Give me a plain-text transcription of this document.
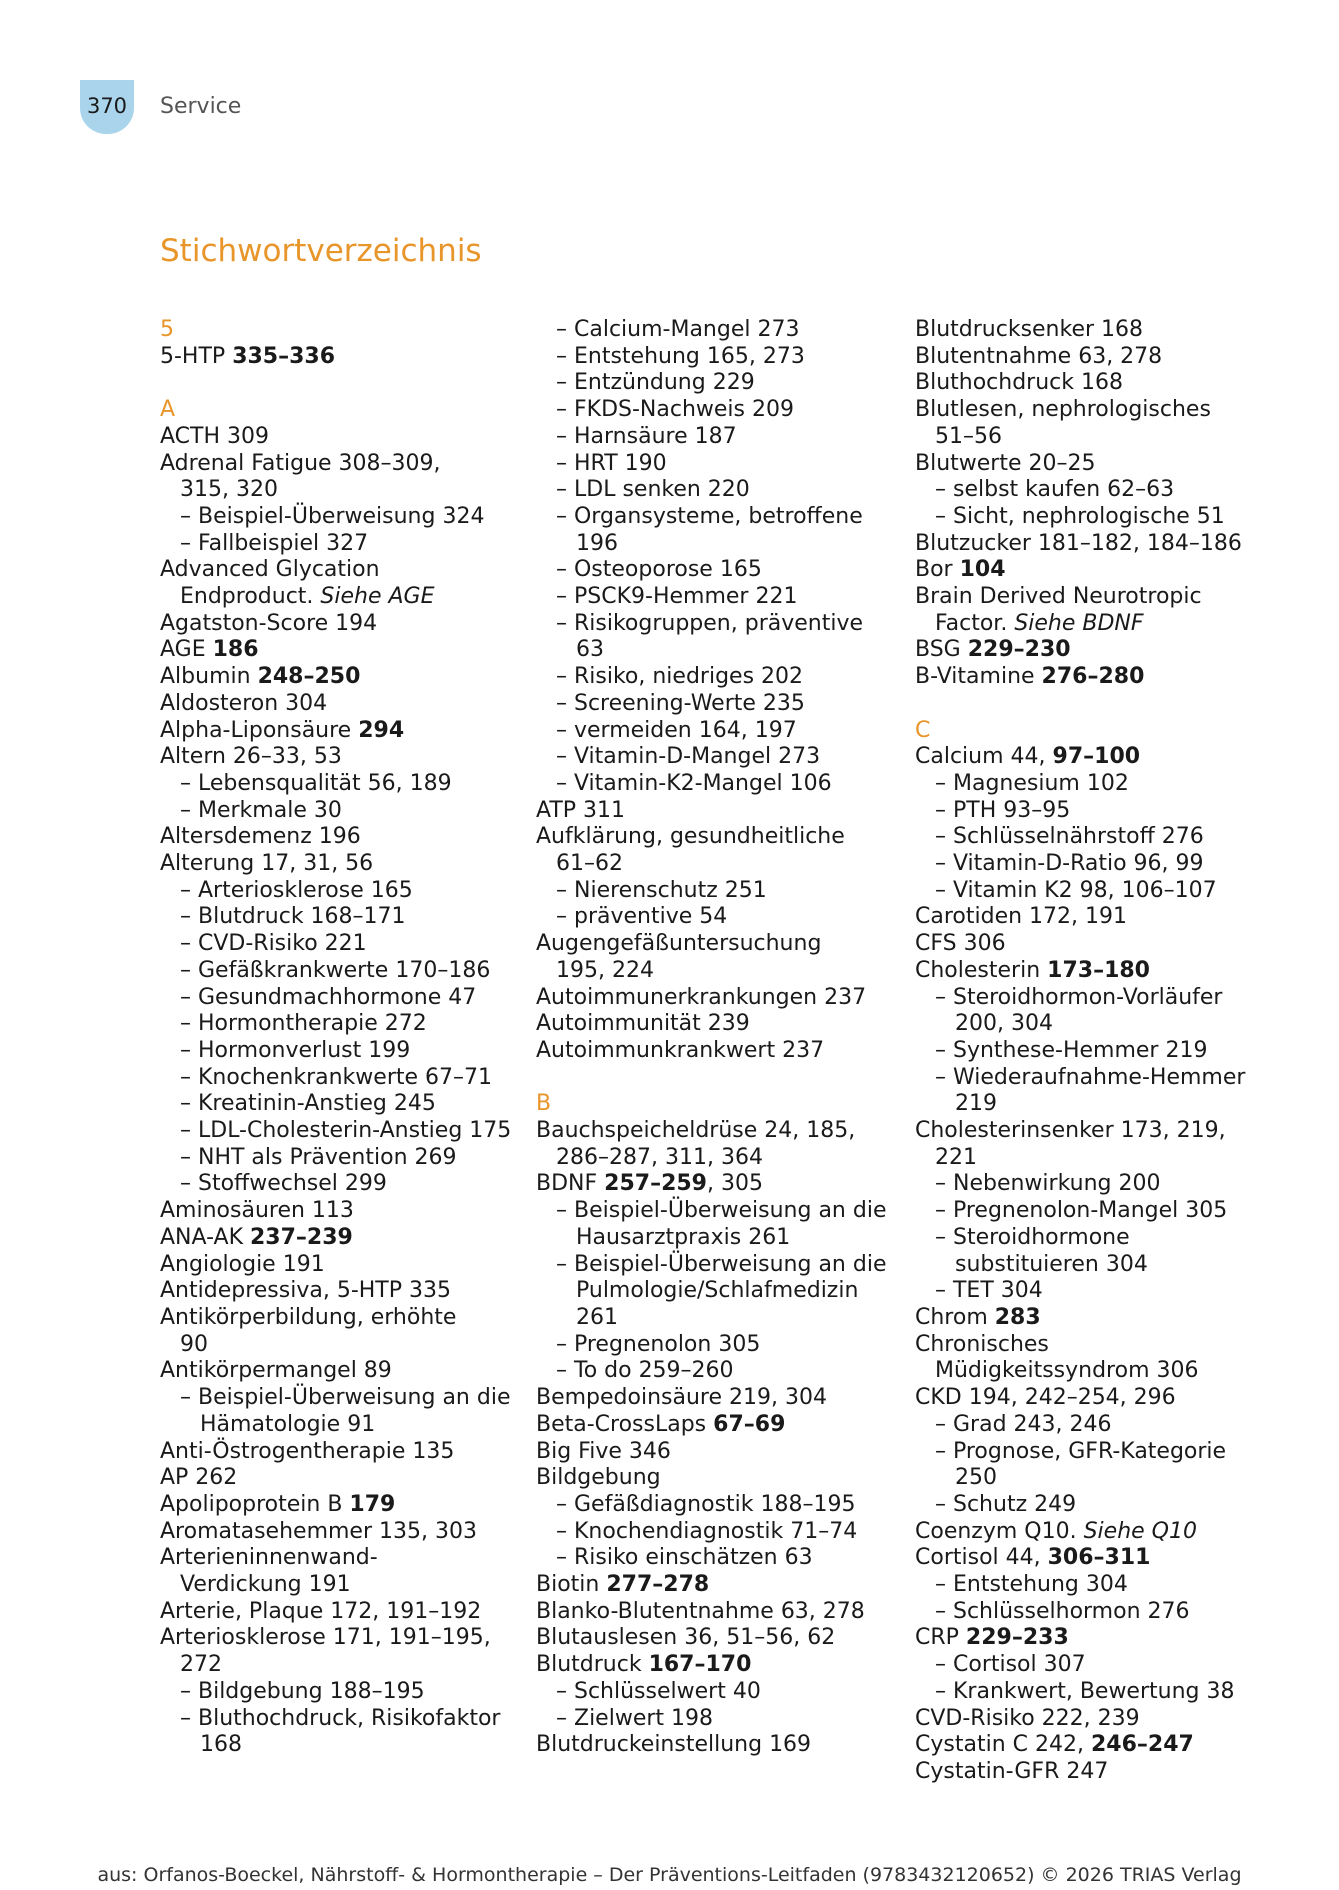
370	Service
Stichwortverzeichnis
5
5-HTP 335–336
A
ACTH 309
Adrenal Fatigue 308–309,
315, 320
– Beispiel-Überweisung 324
– Fallbeispiel 327
Advanced Glycation
Endproduct. Siehe AGE
Agatston-Score 194
AGE 186
Albumin 248–250
Aldosteron 304
Alpha-Liponsäure 294
Altern 26–33, 53
– Lebensqualität 56, 189
– Merkmale 30
Altersdemenz 196
Alterung 17, 31, 56
– Arteriosklerose 165
– Blutdruck 168–171
– CVD-Risiko 221
– Gefäßkrankwerte 170–186
– Gesundmachhormone 47
– Hormontherapie 272
– Hormonverlust 199
– Knochenkrankwerte 67–71
– Kreatinin-Anstieg 245
– LDL-Cholesterin-Anstieg 175
– NHT als Prävention 269
– Stoffwechsel 299
Aminosäuren 113
ANA-AK 237–239
Angiologie 191
Antidepressiva, 5-HTP 335
Antikörperbildung, erhöhte
90
Antikörpermangel 89
– Beispiel-Überweisung an die
Hämatologie 91
Anti-Östrogentherapie 135
AP 262
Apolipoprotein B 179
Aromatasehemmer 135, 303
Arterieninnenwand-
Verdickung 191
Arterie, Plaque 172, 191–192
Arteriosklerose 171, 191–195,
272
– Bildgebung 188–195
– Bluthochdruck, Risikofaktor
168
– Calcium-Mangel 273
– Entstehung 165, 273
– Entzündung 229
– FKDS-Nachweis 209
– Harnsäure 187
– HRT 190
– LDL senken 220
– Organsysteme, betroffene
196
– Osteoporose 165
– PSCK9-Hemmer 221
– Risikogruppen, präventive
63
– Risiko, niedriges 202
– Screening-Werte 235
– vermeiden 164, 197
– Vitamin-D-Mangel 273
– Vitamin-K2-Mangel 106
ATP 311
Aufklärung, gesundheitliche
61–62
– Nierenschutz 251
– präventive 54
Augengefäßuntersuchung
195, 224
Autoimmunerkrankungen 237
Autoimmunität 239
Autoimmunkrankwert 237
B
Bauchspeicheldrüse 24, 185,
286–287, 311, 364
BDNF 257–259, 305
– Beispiel-Überweisung an die
Hausarztpraxis 261
– Beispiel-Überweisung an die
Pulmologie/Schlafmedizin
261
– Pregnenolon 305
– To do 259–260
Bempedoinsäure 219, 304
Beta-CrossLaps 67–69
Big Five 346
Bildgebung
– Gefäßdiagnostik 188–195
– Knochendiagnostik 71–74
– Risiko einschätzen 63
Biotin 277–278
Blanko-Blutentnahme 63, 278
Blutauslesen 36, 51–56, 62
Blutdruck 167–170
– Schlüsselwert 40
– Zielwert 198
Blutdruckeinstellung 169
Blutdrucksenker 168
Blutentnahme 63, 278
Bluthochdruck 168
Blutlesen, nephrologisches
51–56
Blutwerte 20–25
– selbst kaufen 62–63
– Sicht, nephrologische 51
Blutzucker 181–182, 184–186
Bor 104
Brain Derived Neurotropic
Factor. Siehe BDNF
BSG 229–230
B-Vitamine 276–280
C
Calcium 44, 97–100
– Magnesium 102
– PTH 93–95
– Schlüsselnährstoff 276
– Vitamin-D-Ratio 96, 99
– Vitamin K2 98, 106–107
Carotiden 172, 191
CFS 306
Cholesterin 173–180
– Steroidhormon-Vorläufer
200, 304
– Synthese-Hemmer 219
– Wiederaufnahme-Hemmer
219
Cholesterinsenker 173, 219,
221
– Nebenwirkung 200
– Pregnenolon-Mangel 305
– Steroidhormone
substituieren 304
– TET 304
Chrom 283
Chronisches
Müdigkeitssyndrom 306
CKD 194, 242–254, 296
– Grad 243, 246
– Prognose, GFR-Kategorie
250
– Schutz 249
Coenzym Q10. Siehe Q10
Cortisol 44, 306–311
– Entstehung 304
– Schlüsselhormon 276
CRP 229–233
– Cortisol 307
– Krankwert, Bewertung 38
CVD-Risiko 222, 239
Cystatin C 242, 246–247
Cystatin-GFR 247
aus: Orfanos-Boeckel, Nährstoff- & Hormontherapie – Der Präventions-Leitfaden (9783432120652) © 2026 TRIAS Verlag
